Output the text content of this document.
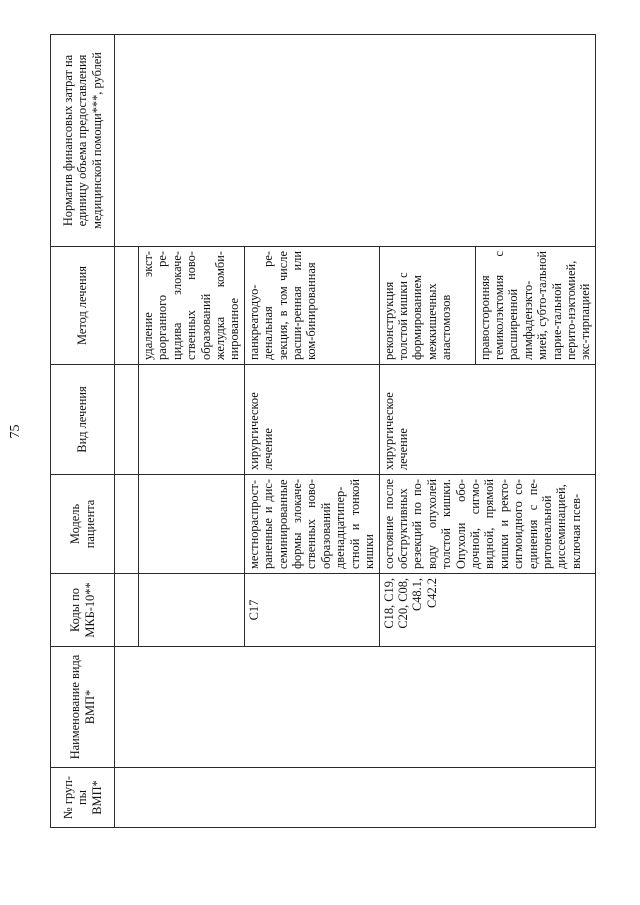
75
№ груп-пы ВМП*	Наименование вида ВМП*	Коды по МКБ-10**	Модель пациента	Вид лечения	Метод лечения	Норматив финансовых затрат на единицу объема предоставления медицинской помощи***, рублей

					удаление экст-раорганного ре-цидива злокаче-ственных ново-образований желудка комби-нированное	
		C17	местнораспрост-раненные и дис-семинированные формы злокаче-ственных ново-образований двенадцатипер-стной и тонкой кишки	хирургическое лечение	панкреатодуо-денальная ре-зекция, в том числе расши-ренная или ком-бинированная	
		C18, C19, C20, C08, C48.1, C42.2	состояние после обструктивных резекций по по-воду опухолей толстой кишки. Опухоли обо-дочной, сигмо-видной, прямой кишки и ректо-сигмоидного со-единения с пе-ритонеальной диссеминацией, включая псев-	хирургическое лечение	реконструкция толстой кишки с формированием межкишечных анастомозов	
					правосторонняя гемиколэктомия с расширенной лимфаденэкто-мией, субто-тальной парие-тальной перито-нэктомией, экс-тирпацией	
